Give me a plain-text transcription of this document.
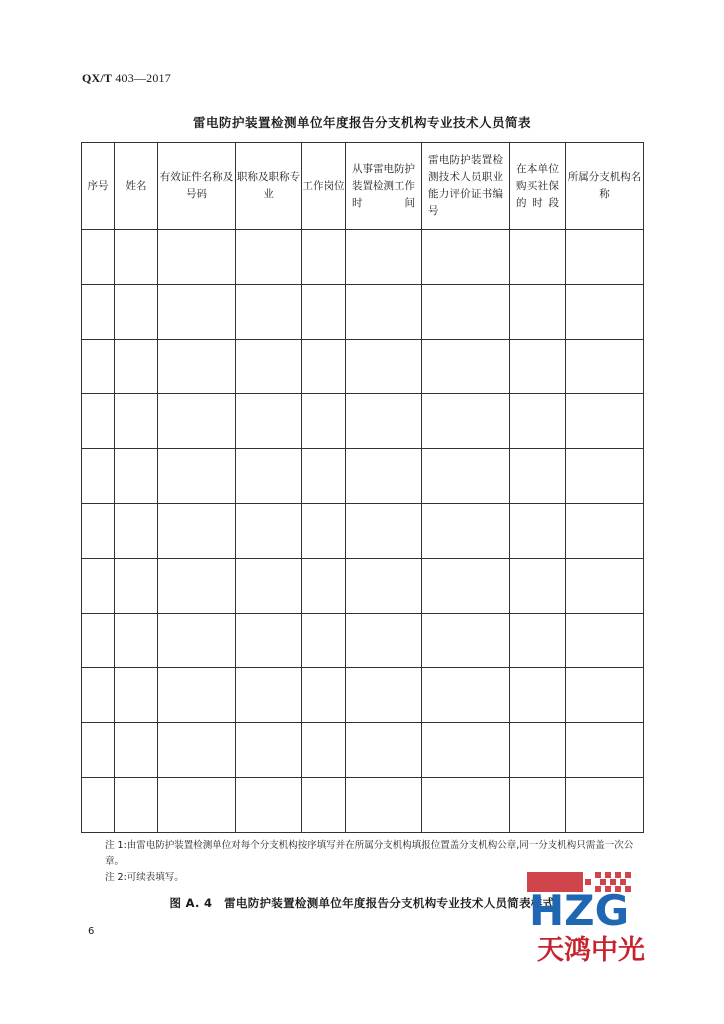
QX/T 403—2017
雷电防护装置检测单位年度报告分支机构专业技术人员简表
序号	姓名	有效证件名称及号码	职称及职称专业	工作岗位	从事雷电防护装置检测工作时间	雷电防护装置检测技术人员职业能力评价证书编号	在本单位购买社保的时段	所属分支机构名称

注 1:由雷电防护装置检测单位对每个分支机构按序填写并在所属分支机构填报位置盖分支机构公章,同一分支机构只需盖一次公章。

注 2:可续表填写。

图 A. 4　雷电防护装置检测单位年度报告分支机构专业技术人员简表样式
6	HZG
天鸿中光
